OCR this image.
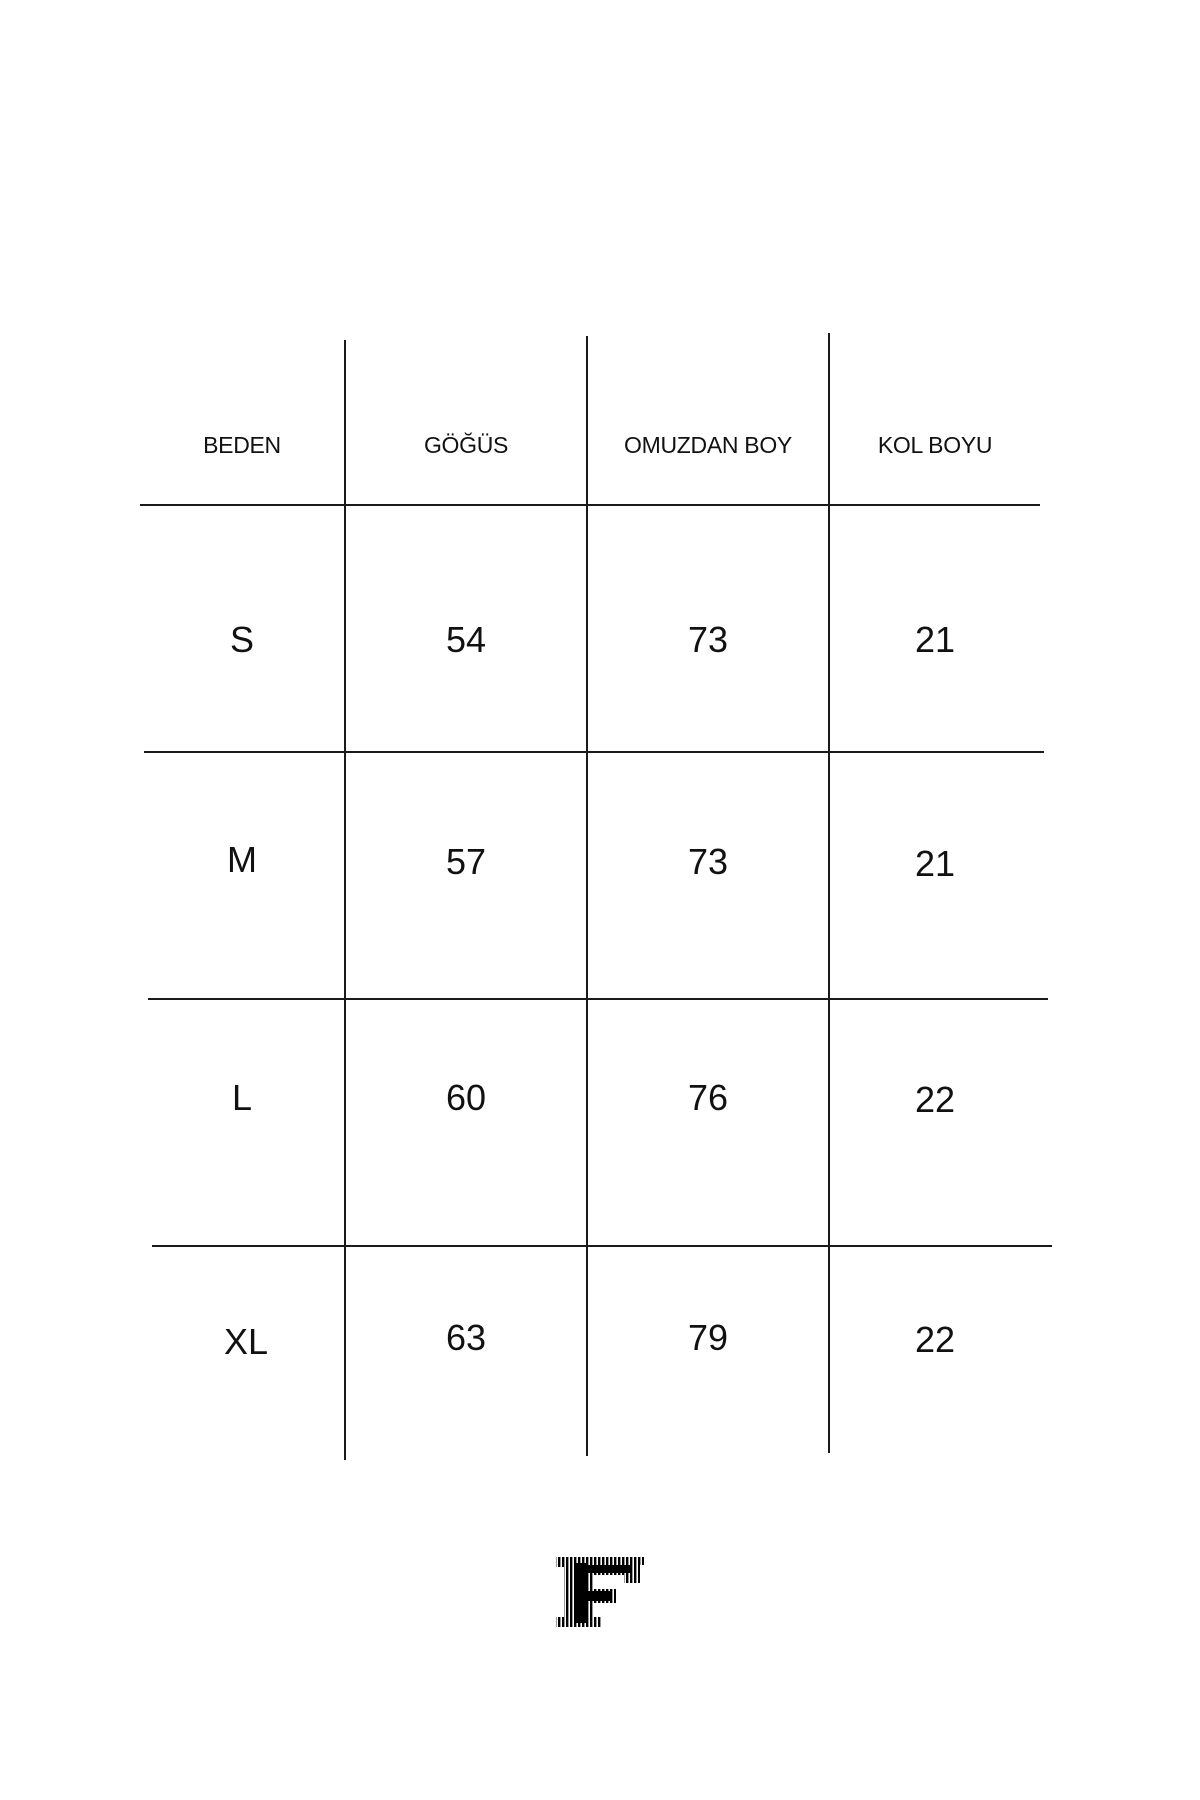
BEDEN	GÖĞÜS	OMUZDAN BOY	KOL BOYU
S	54	73	21
M	57	73	21
L	60	76	22
XL	63	79	22
